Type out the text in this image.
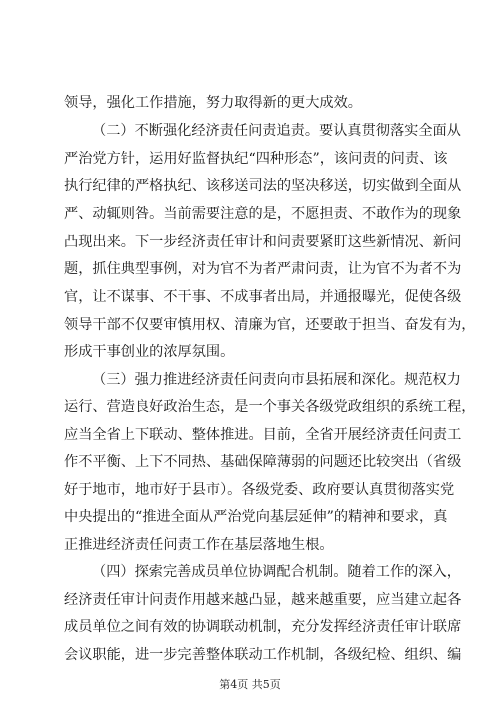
领导，强化工作措施，努力取得新的更大成效。
（二）不断强化经济责任问责追责。要认真贯彻落实全面从
严治党方针，运用好监督执纪“四种形态”，该问责的问责、该
执行纪律的严格执纪、该移送司法的坚决移送，切实做到全面从
严、动辄则咎。当前需要注意的是，不愿担责、不敢作为的现象
凸现出来。下一步经济责任审计和问责要紧盯这些新情况、新问
题，抓住典型事例，对为官不为者严肃问责，让为官不为者不为
官，让不谋事、不干事、不成事者出局，并通报曝光，促使各级
领导干部不仅要审慎用权、清廉为官，还要敢于担当、奋发有为，
形成干事创业的浓厚氛围。
（三）强力推进经济责任问责向市县拓展和深化。规范权力
运行、营造良好政治生态，是一个事关各级党政组织的系统工程，
应当全省上下联动、整体推进。目前，全省开展经济责任问责工
作不平衡、上下不同热、基础保障薄弱的问题还比较突出（省级
好于地市，地市好于县市）。各级党委、政府要认真贯彻落实党
中央提出的“推进全面从严治党向基层延伸”的精神和要求，真
正推进经济责任问责工作在基层落地生根。
（四）探索完善成员单位协调配合机制。随着工作的深入，
经济责任审计问责作用越来越凸显，越来越重要，应当建立起各
成员单位之间有效的协调联动机制，充分发挥经济责任审计联席
会议职能，进一步完善整体联动工作机制，各级纪检、组织、编
第4页 共5页
